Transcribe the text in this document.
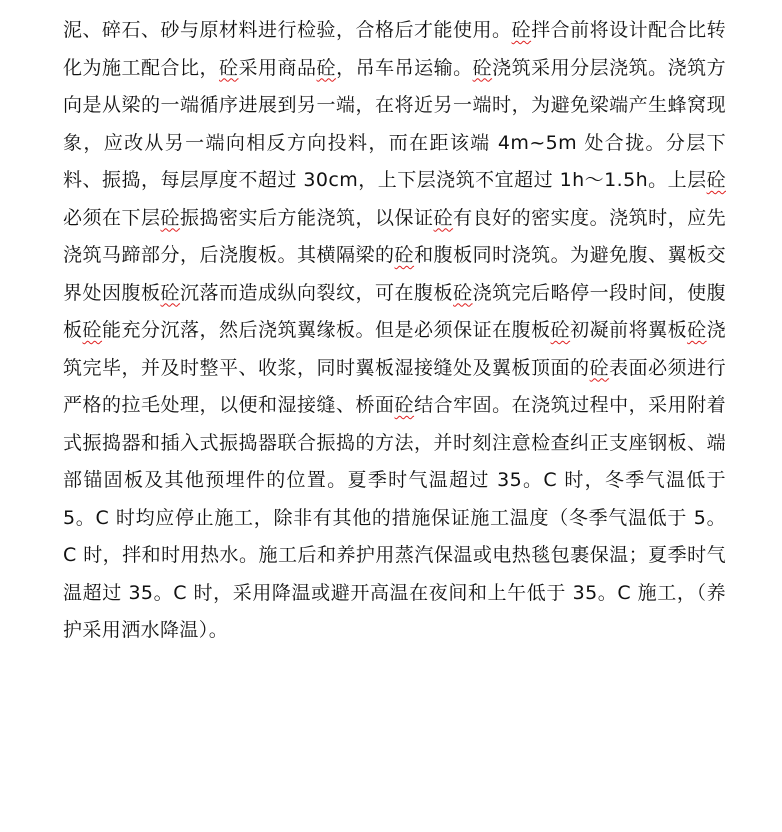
泥、碎石、砂与原材料进行检验，合格后才能使用。砼拌合前将设计配合比转化为施工配合比，砼采用商品砼，吊车吊运输。砼浇筑采用分层浇筑。浇筑方向是从梁的一端循序进展到另一端，在将近另一端时，为避免梁端产生蜂窝现象，应改从另一端向相反方向投料，而在距该端 4m~5m 处合拢。分层下料、振捣，每层厚度不超过 30cm，上下层浇筑不宜超过 1h～1.5h。上层砼必须在下层砼振捣密实后方能浇筑，以保证砼有良好的密实度。浇筑时，应先浇筑马蹄部分，后浇腹板。其横隔梁的砼和腹板同时浇筑。为避免腹、翼板交界处因腹板砼沉落而造成纵向裂纹，可在腹板砼浇筑完后略停一段时间，使腹板砼能充分沉落，然后浇筑翼缘板。但是必须保证在腹板砼初凝前将翼板砼浇筑完毕，并及时整平、收浆，同时翼板湿接缝处及翼板顶面的砼表面必须进行严格的拉毛处理，以便和湿接缝、桥面砼结合牢固。在浇筑过程中，采用附着式振捣器和插入式振捣器联合振捣的方法，并时刻注意检查纠正支座钢板、端部锚固板及其他预埋件的位置。夏季时气温超过 35。C 时，冬季气温低于 5。C 时均应停止施工，除非有其他的措施保证施工温度（冬季气温低于 5。C 时，拌和时用热水。施工后和养护用蒸汽保温或电热毯包裹保温；夏季时气温超过 35。C 时，采用降温或避开高温在夜间和上午低于 35。C 施工，（养护采用洒水降温）。
